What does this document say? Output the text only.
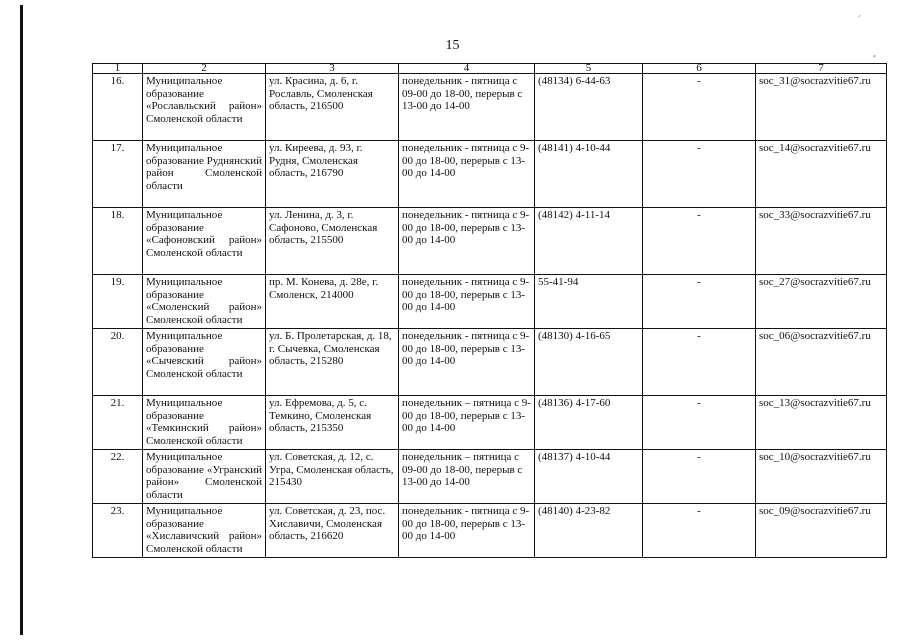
´
¸
15
1	2	3	4	5	6	7
16.	Муниципальное образование «Рославльский район» Смоленской области	ул. Красина, д. 6, г. Рославль, Смоленская область, 216500	понедельник - пятница с 09-00 до 18-00, перерыв с 13-00 до 14-00	(48134) 6-44-63	-	soc_31@socrazvitie67.ru
17.	Муниципальное образование Руднянский район Смоленской области	ул. Киреева, д. 93, г. Рудня, Смоленская область, 216790	понедельник - пятница с 9-00 до 18-00, перерыв с 13-00 до 14-00	(48141) 4-10-44	-	soc_14@socrazvitie67.ru
18.	Муниципальное образование «Сафоновский район» Смоленской области	ул. Ленина, д. 3, г. Сафоново, Смоленская область, 215500	понедельник - пятница с 9-00 до 18-00, перерыв с 13-00 до 14-00	(48142) 4-11-14	-	soc_33@socrazvitie67.ru
19.	Муниципальное образование «Смоленский район» Смоленской области	пр. М. Конева, д. 28е, г. Смоленск, 214000	понедельник - пятница с 9-00 до 18-00, перерыв с 13-00 до 14-00	55-41-94	-	soc_27@socrazvitie67.ru
20.	Муниципальное образование «Сычевский район» Смоленской области	ул. Б. Пролетарская, д. 18, г. Сычевка, Смоленская область, 215280	понедельник - пятница с 9-00 до 18-00, перерыв с 13-00 до 14-00	(48130) 4-16-65	-	soc_06@socrazvitie67.ru
21.	Муниципальное образование «Темкинский район» Смоленской области	ул. Ефремова, д. 5, с. Темкино, Смоленская область, 215350	понедельник – пятница с 9-00 до 18-00, перерыв с 13-00 до 14-00	(48136) 4-17-60	-	soc_13@socrazvitie67.ru
22.	Муниципальное образование «Угранский район» Смоленской области	ул. Советская, д. 12, с. Угра, Смоленская область, 215430	понедельник – пятница с 09-00 до 18-00, перерыв с 13-00 до 14-00	(48137) 4-10-44	-	soc_10@socrazvitie67.ru
23.	Муниципальное образование «Хиславичский район» Смоленской области	ул. Советская, д. 23, пос. Хиславичи, Смоленская область, 216620	понедельник - пятница с 9-00 до 18-00, перерыв с 13-00 до 14-00	(48140) 4-23-82	-	soc_09@socrazvitie67.ru
